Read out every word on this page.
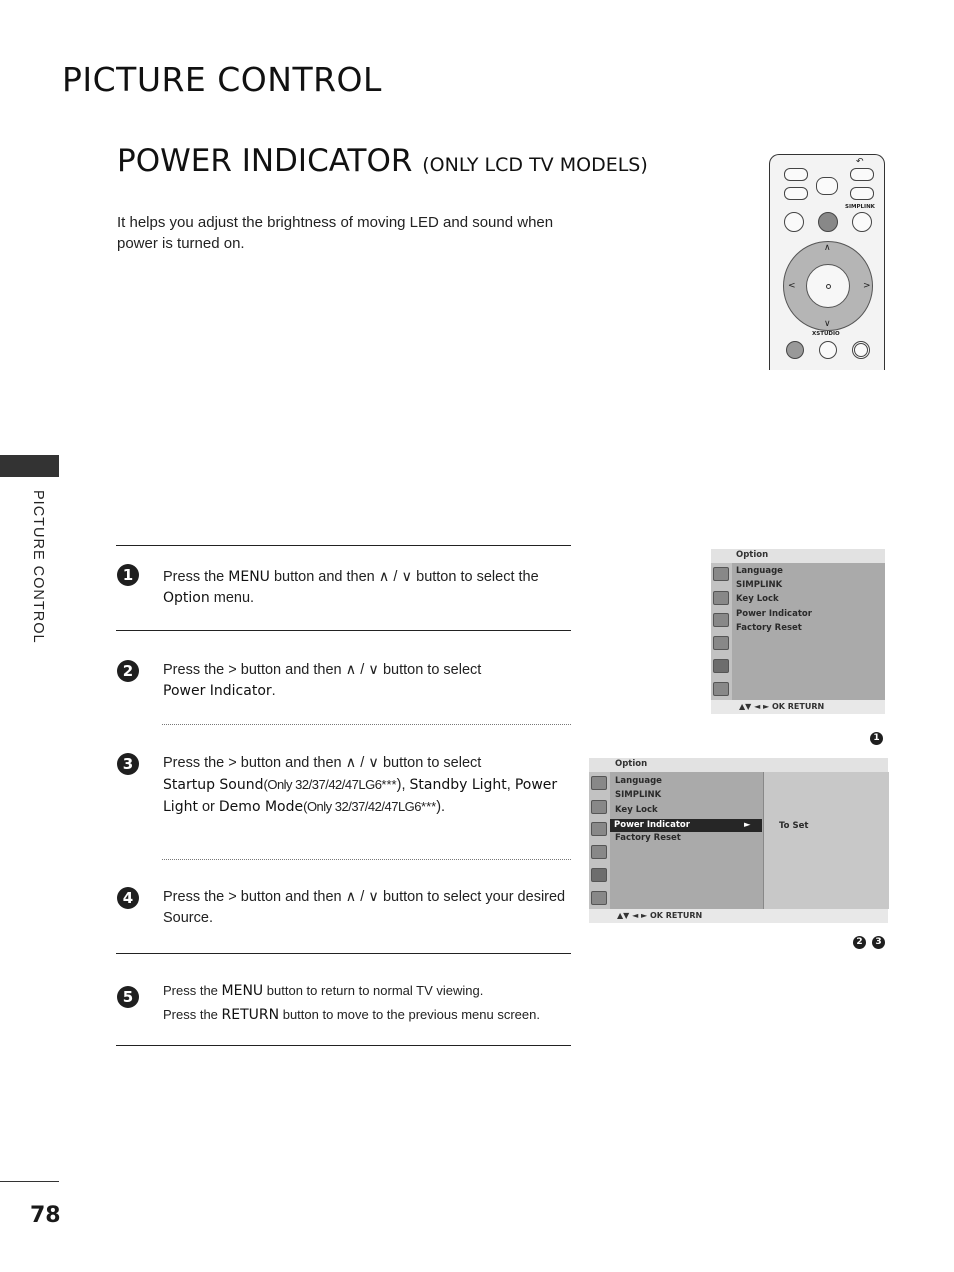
PICTURE CONTROL
POWER INDICATOR (ONLY LCD TV MODELS)
It helps you adjust the brightness of moving LED and sound when power is turned on.
PICTURE CONTROL
78
↶
SIMPLINK
∧
∨
<	>
XSTUDIO
1	Press the MENU button and then ∧ / ∨ button to select the Option menu.
2	Press the > button and then ∧ / ∨ button to select
Power Indicator.
3	Press the > button and then ∧ / ∨ button to select
Startup Sound(Only 32/37/42/47LG6***), Standby Light, Power Light or Demo Mode(Only 32/37/42/47LG6***).
4	Press the > button and then ∧ / ∨ button to select your desired Source.
5	Press the MENU button to return to normal TV viewing.
Press the RETURN button to move to the previous menu screen.
Option
Language
SIMPLINK
Key Lock
Power Indicator
Factory Reset
▲▼ ◄ ► OK RETURN
1
Option
Language
SIMPLINK
Key Lock
Power Indicator	►
Factory Reset
To Set
▲▼ ◄ ► OK RETURN
2	3
